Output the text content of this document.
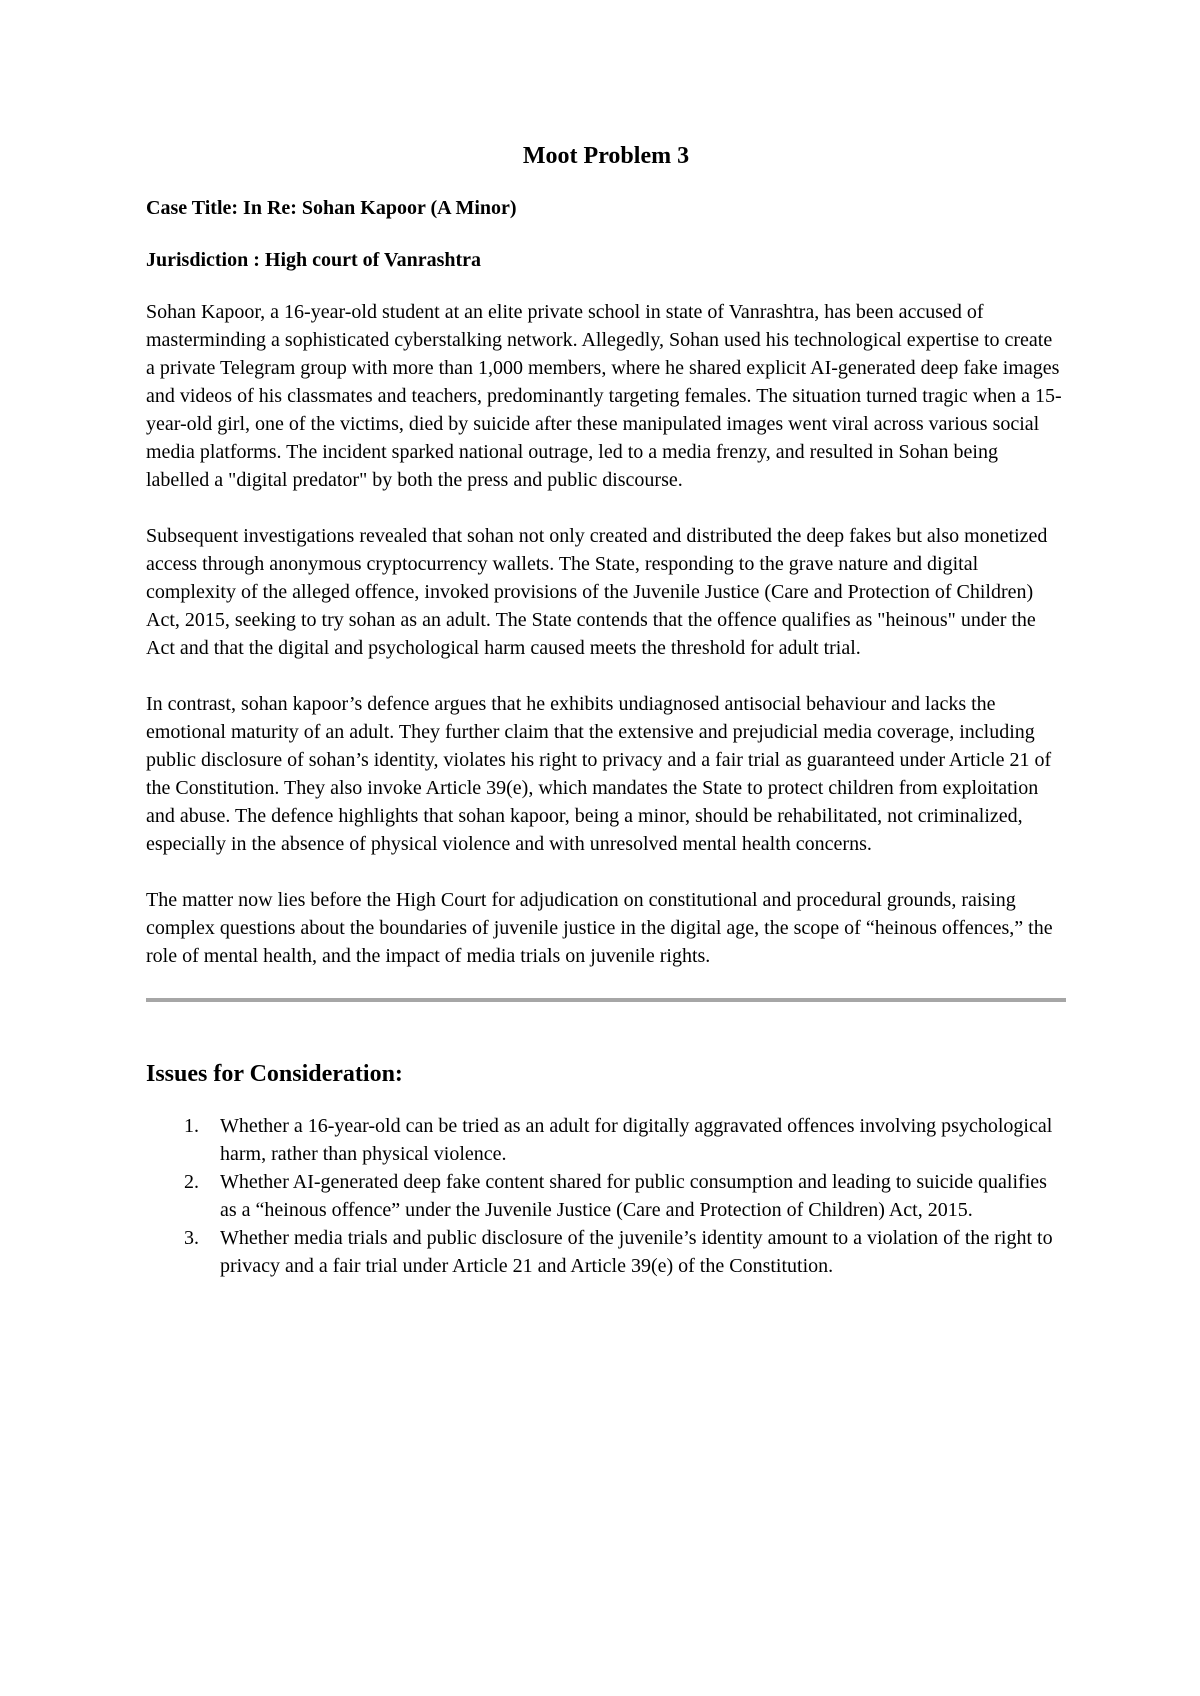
Moot Problem 3
Case Title: In Re: Sohan Kapoor (A Minor)
Jurisdiction : High court of Vanrashtra

Sohan Kapoor, a 16-year-old student at an elite private school in state of Vanrashtra, has been accused of masterminding a sophisticated cyberstalking network. Allegedly, Sohan used his technological expertise to create a private Telegram group with more than 1,000 members, where he shared explicit AI-generated deep fake images and videos of his classmates and teachers, predominantly targeting females. The situation turned tragic when a 15-year-old girl, one of the victims, died by suicide after these manipulated images went viral across various social media platforms. The incident sparked national outrage, led to a media frenzy, and resulted in Sohan being labelled a "digital predator" by both the press and public discourse.

Subsequent investigations revealed that sohan not only created and distributed the deep fakes but also monetized access through anonymous cryptocurrency wallets. The State, responding to the grave nature and digital complexity of the alleged offence, invoked provisions of the Juvenile Justice (Care and Protection of Children) Act, 2015, seeking to try sohan as an adult. The State contends that the offence qualifies as "heinous" under the Act and that the digital and psychological harm caused meets the threshold for adult trial.

In contrast, sohan kapoor’s defence argues that he exhibits undiagnosed antisocial behaviour and lacks the emotional maturity of an adult. They further claim that the extensive and prejudicial media coverage, including public disclosure of sohan’s identity, violates his right to privacy and a fair trial as guaranteed under Article 21 of the Constitution. They also invoke Article 39(e), which mandates the State to protect children from exploitation and abuse. The defence highlights that sohan kapoor, being a minor, should be rehabilitated, not criminalized, especially in the absence of physical violence and with unresolved mental health concerns.

The matter now lies before the High Court for adjudication on constitutional and procedural grounds, raising complex questions about the boundaries of juvenile justice in the digital age, the scope of “heinous offences,” the role of mental health, and the impact of media trials on juvenile rights.

Issues for Consideration:
1. Whether a 16-year-old can be tried as an adult for digitally aggravated offences involving psychological harm, rather than physical violence.
2. Whether AI-generated deep fake content shared for public consumption and leading to suicide qualifies as a “heinous offence” under the Juvenile Justice (Care and Protection of Children) Act, 2015.
3. Whether media trials and public disclosure of the juvenile’s identity amount to a violation of the right to privacy and a fair trial under Article 21 and Article 39(e) of the Constitution.
